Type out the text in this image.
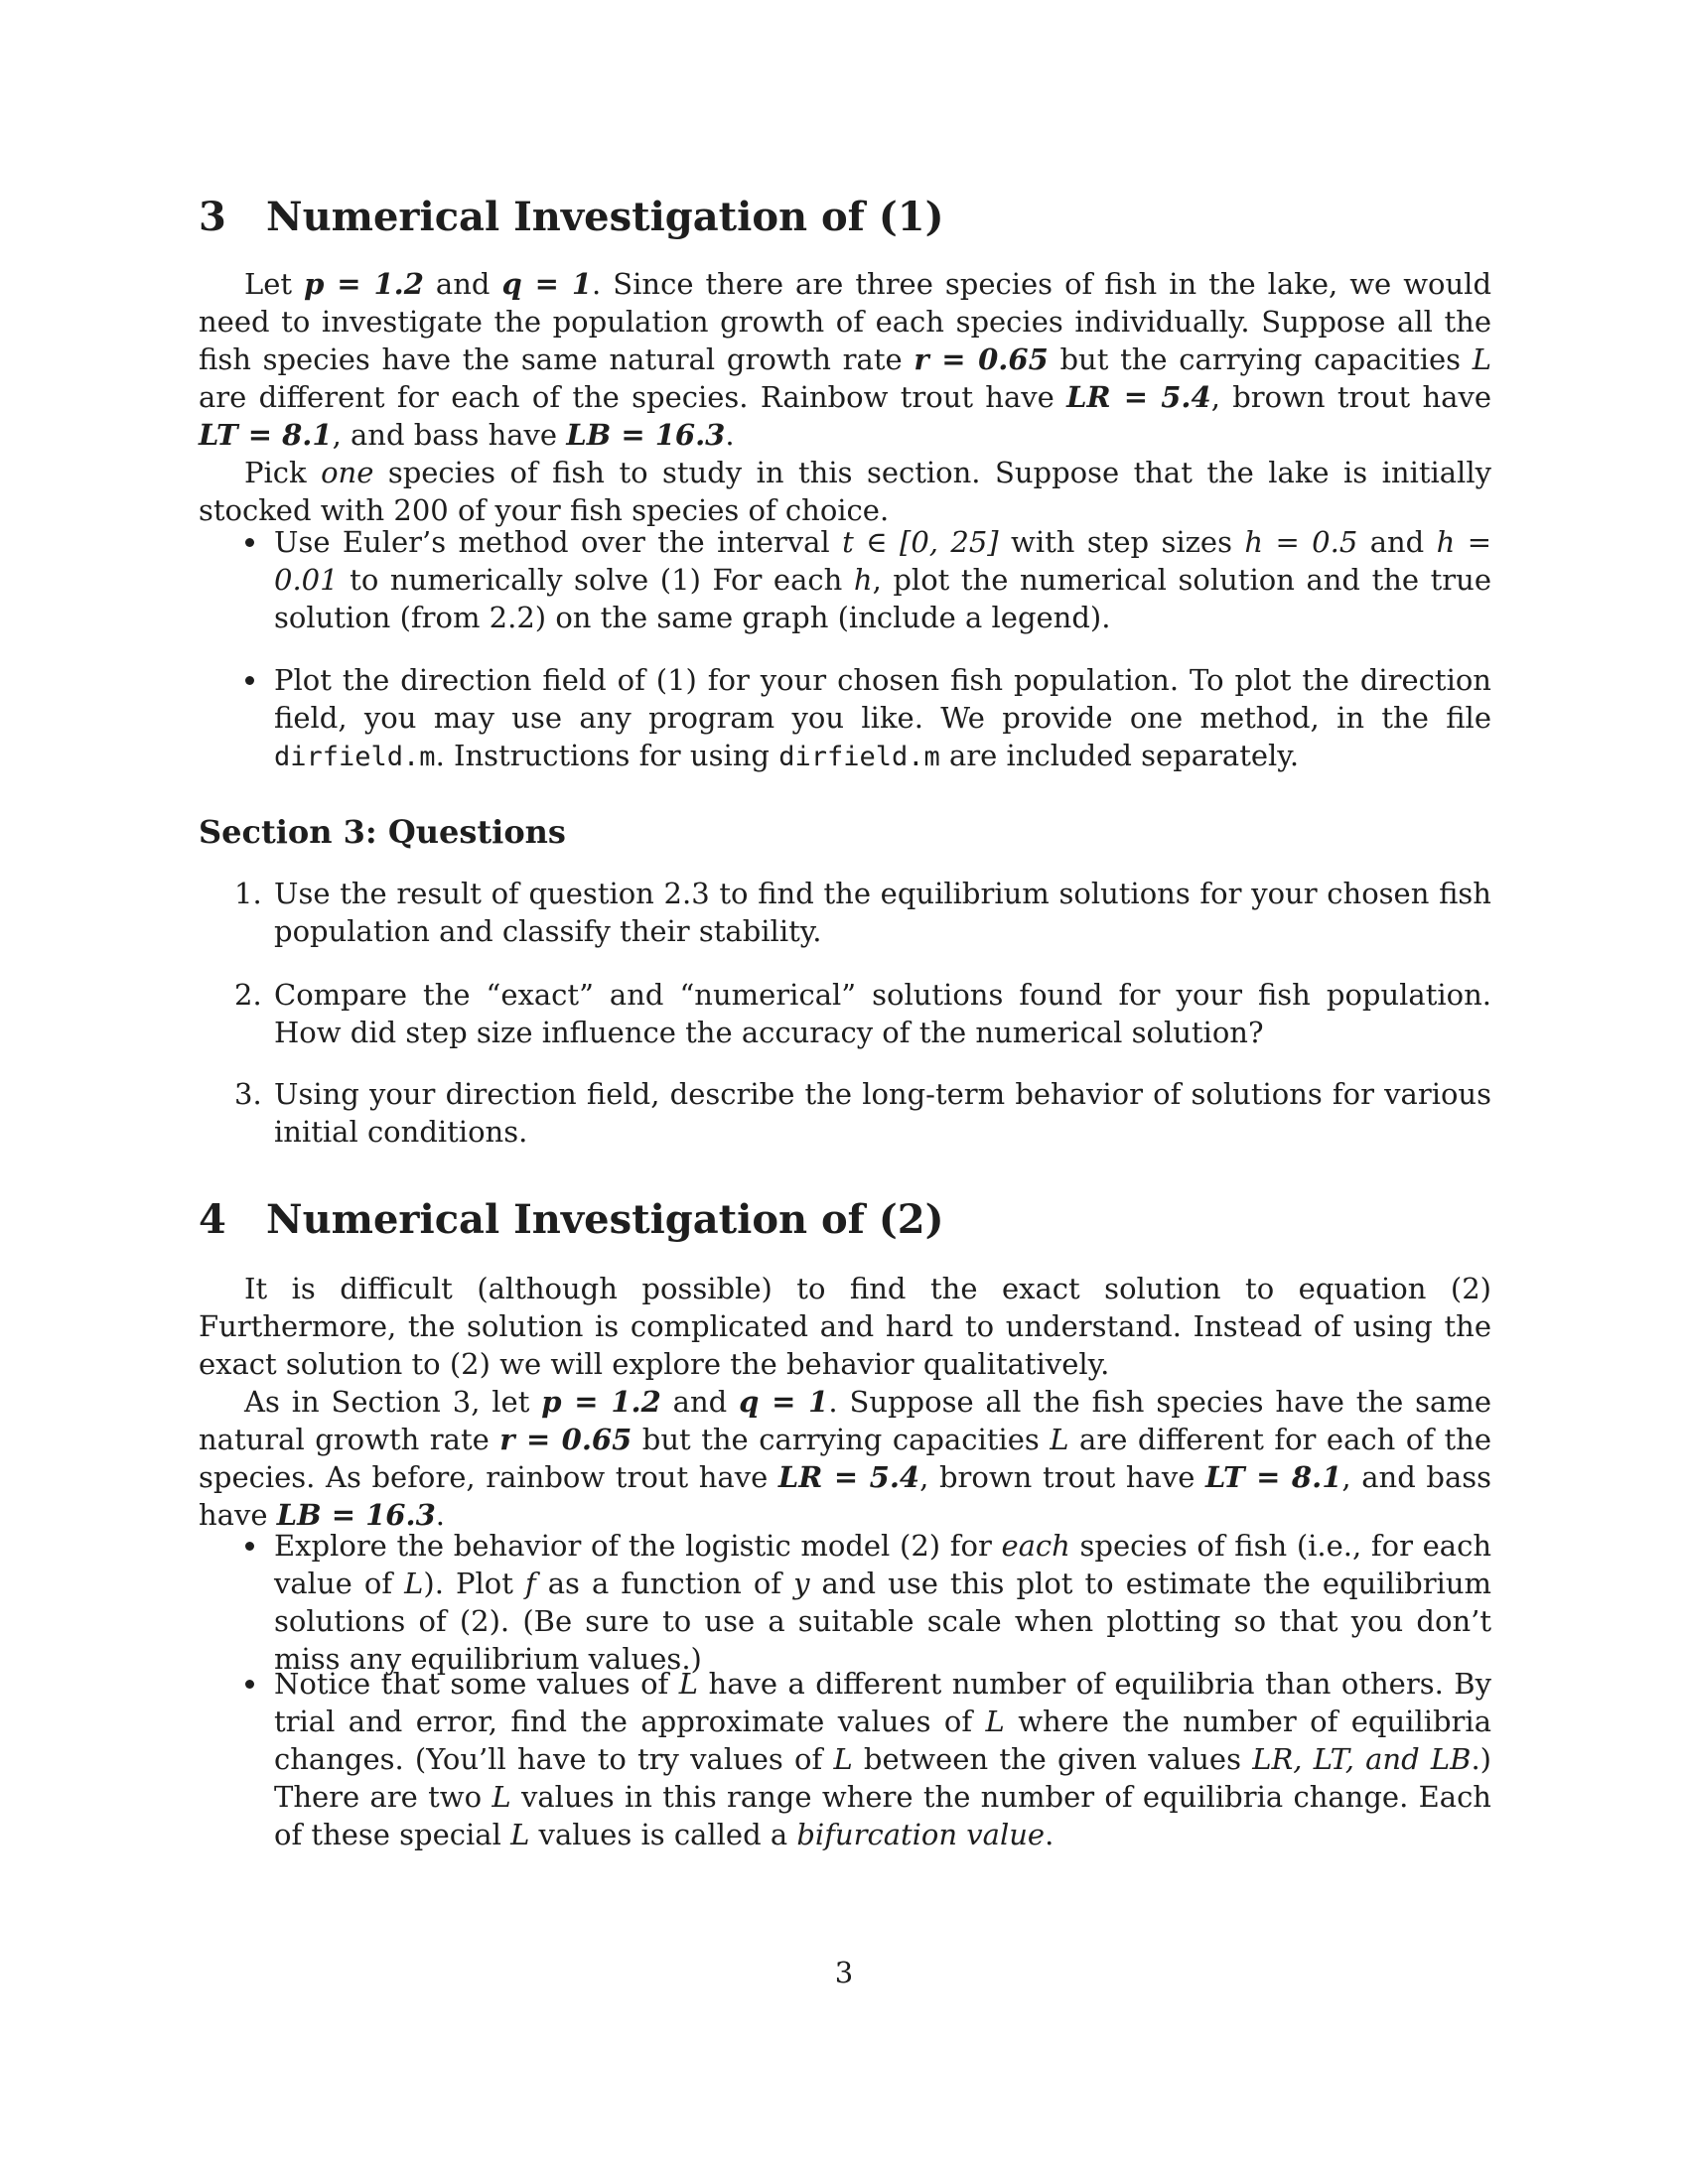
3 Numerical Investigation of (1)

Let p = 1.2 and q = 1. Since there are three species of fish in the lake, we would need to investigate the population growth of each species individually. Suppose all the fish species have the same natural growth rate r = 0.65 but the carrying capacities L are different for each of the species. Rainbow trout have LR = 5.4, brown trout have LT = 8.1, and bass have LB = 16.3.

Pick one species of fish to study in this section. Suppose that the lake is initially stocked with 200 of your fish species of choice.

Use Euler’s method over the interval t ∈ [0, 25] with step sizes h = 0.5 and h = 0.01 to numerically solve (1) For each h, plot the numerical solution and the true solution (from 2.2) on the same graph (include a legend).
Plot the direction field of (1) for your chosen fish population. To plot the direction field, you may use any program you like. We provide one method, in the file dirfield.m. Instructions for using dirfield.m are included separately.
Section 3: Questions
1. Use the result of question 2.3 to find the equilibrium solutions for your chosen fish population and classify their stability.
2. Compare the “exact” and “numerical” solutions found for your fish population. How did step size influence the accuracy of the numerical solution?
3. Using your direction field, describe the long-term behavior of solutions for various initial conditions.
4 Numerical Investigation of (2)

It is difficult (although possible) to find the exact solution to equation (2) Furthermore, the solution is complicated and hard to understand. Instead of using the exact solution to (2) we will explore the behavior qualitatively.

As in Section 3, let p = 1.2 and q = 1. Suppose all the fish species have the same natural growth rate r = 0.65 but the carrying capacities L are different for each of the species. As before, rainbow trout have LR = 5.4, brown trout have LT = 8.1, and bass have LB = 16.3.

Explore the behavior of the logistic model (2) for each species of fish (i.e., for each value of L). Plot f as a function of y and use this plot to estimate the equilibrium solutions of (2). (Be sure to use a suitable scale when plotting so that you don’t miss any equilibrium values.)
Notice that some values of L have a different number of equilibria than others. By trial and error, find the approximate values of L where the number of equilibria changes. (You’ll have to try values of L between the given values LR, LT, and LB.) There are two L values in this range where the number of equilibria change. Each of these special L values is called a bifurcation value.
3
